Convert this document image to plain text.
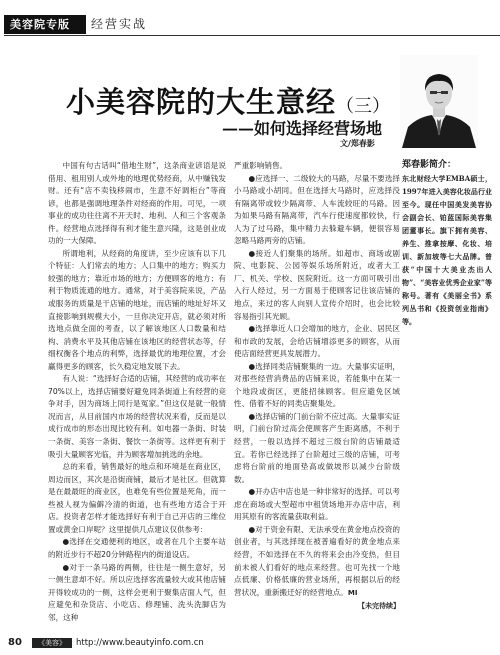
美容院专版	经营实战
小美容院的大生意经（三）
——如何选择经营场地
文/郑春影
郑春影简介：
东北财经大学EMBA硕士，1997年进入美容化妆品行业至今。现任中国美发美容协会副会长、铂蓝国际美容集团董事长。旗下拥有美容、养生、推拿按摩、化妆、培训、新加坡等七大品牌。曾获“中国十大美业杰出人物”、“美容业优秀企业家”等称号。著有《美丽全书》系列丛书和《投资创业指南》等。

中国有句古话叫“借地生财”，这条商业谚语是说借用、租用别人或外地的地理优势经商，从中赚钱发财。还有“店不卖钱移闹市，生意不好调柜台”等商谚，也都是强调地理条件对经商的作用。可见，一项事业的成功往往离不开天时、地利、人和三个客观条件。经营地点选择得有利才能生意兴隆，这是创业成功的一大保障。

所谓地利，从经商的角度讲，至少应该有以下几个特征：人们常去的地方；人口集中的地方；购买力较强的地方；靠近市场的地方；方便顾客的地方；有利于物质流通的地方。通常，对于美容院来说，产品或服务的质量是干店铺的地址，而店铺的地址好坏又直接影响到规模大小，一旦你决定开店，就必须对所选地点做全面的考查，以了解该地区人口数量和结构、消费水平及其他店铺在该地区的经营状态等，仔细权衡各个地点的利弊，选择最优的地理位置，才会赢得更多的顾客，长久稳定地发展下去。

有人说：“选择好合适的店铺，其经营的成功率在70%以上，选择店铺要好避免同条街道上有经营的竞争对手，因为商场上同行是冤家。”但这仅是就一般情况而言，从目前国内市场的经营状况来看，反而是以成行成市的形态出现比较有利。如电器一条街、时装一条街、美容一条街、餐饮一条街等。这样更有利于吸引大量顾客光临，并为顾客增加挑选的余地。

总的来看，销售最好的地点和环境是在商业区，周边而区，其次是沿街商铺，最后才是社区。但就算是在最最旺的商业区，也难免有些位置是死角，而一些被人视为偏僻冷清的街道，也有些地方适合于开店。投资者怎样才能选择好有利于自己开店的三维位置或黄金口岸呢？这里提供几点建议仅供参考：

●选择在交通便利的地区，或者在几个主要车站的附近步行不超20分钟路程内的街道设店。

●对于一条马路的两侧，往往是一侧生意好，另一侧生意却不好。所以应选择客流量较大或其他店铺开得较成功的一侧，这样会更利于聚集店面人气，但应避免和杂货店、小吃店、修理铺、洗头洗脚店为邻，这种

严重影响销售。

●应选择一、二级较大的马路，尽量不要选择小马路或小胡同。但在选择大马路时，应选择没有隔离带或较少隔离带、人车流较旺的马路。因为如果马路有隔离带，汽车行使速度都较快，行人为了过马路，集中精力去躲避车辆，便很容易忽略马路两旁的店铺。

●接近人们聚集的场所。如超市、商场或剧院、电影院、公园等娱乐场所附近，或者大工厂、机关、学校、医院附近。这一方面可吸引出入行人经过，另一方面易于使顾客记住该店铺的地点，来过的客人向别人宣传介绍时，也会比较容易指引其光顾。

●选择靠近人口会增加的地方，企业、居民区和市政的发展，会给店铺增添更多的顾客，从而使店面经营更具发展潜力。

●选择同类店铺聚集的一边。大量事实证明，对那些经营消费品的店铺来说，若能集中在某一个地段或街区，更能招徕顾客。但应避免区域性、借着不好的同类店聚集处。

●选择店铺的门前台阶不应过高。大量事实证明，门前台阶过高会使顾客产生距离感，不利于经营，一般以选择不超过三级台阶的店铺最适宜。若你已经选择了台阶超过三级的店铺，可考虑将台阶前的地面垫高或做坡形以减少台阶级数。

●开办店中店也是一种非常好的选择。可以考虑在商场或大型超市中租赁场地开办店中店，利用其原有的客流量获取利益。

●对于资金有限、无法承受在黄金地点投资的创业者，与其选择现在被普遍看好的黄金地点来经营，不如选择在不久的将来会由冷变热，但目前未被人们看好的地点来经营。也可先找一个地点低廉、价格低廉的营业场所，再根据以后的经营状况，重新搬迁好的经营地点。MI

【未完待续】
80	《美容》	http://www.beautyinfo.com.cn
